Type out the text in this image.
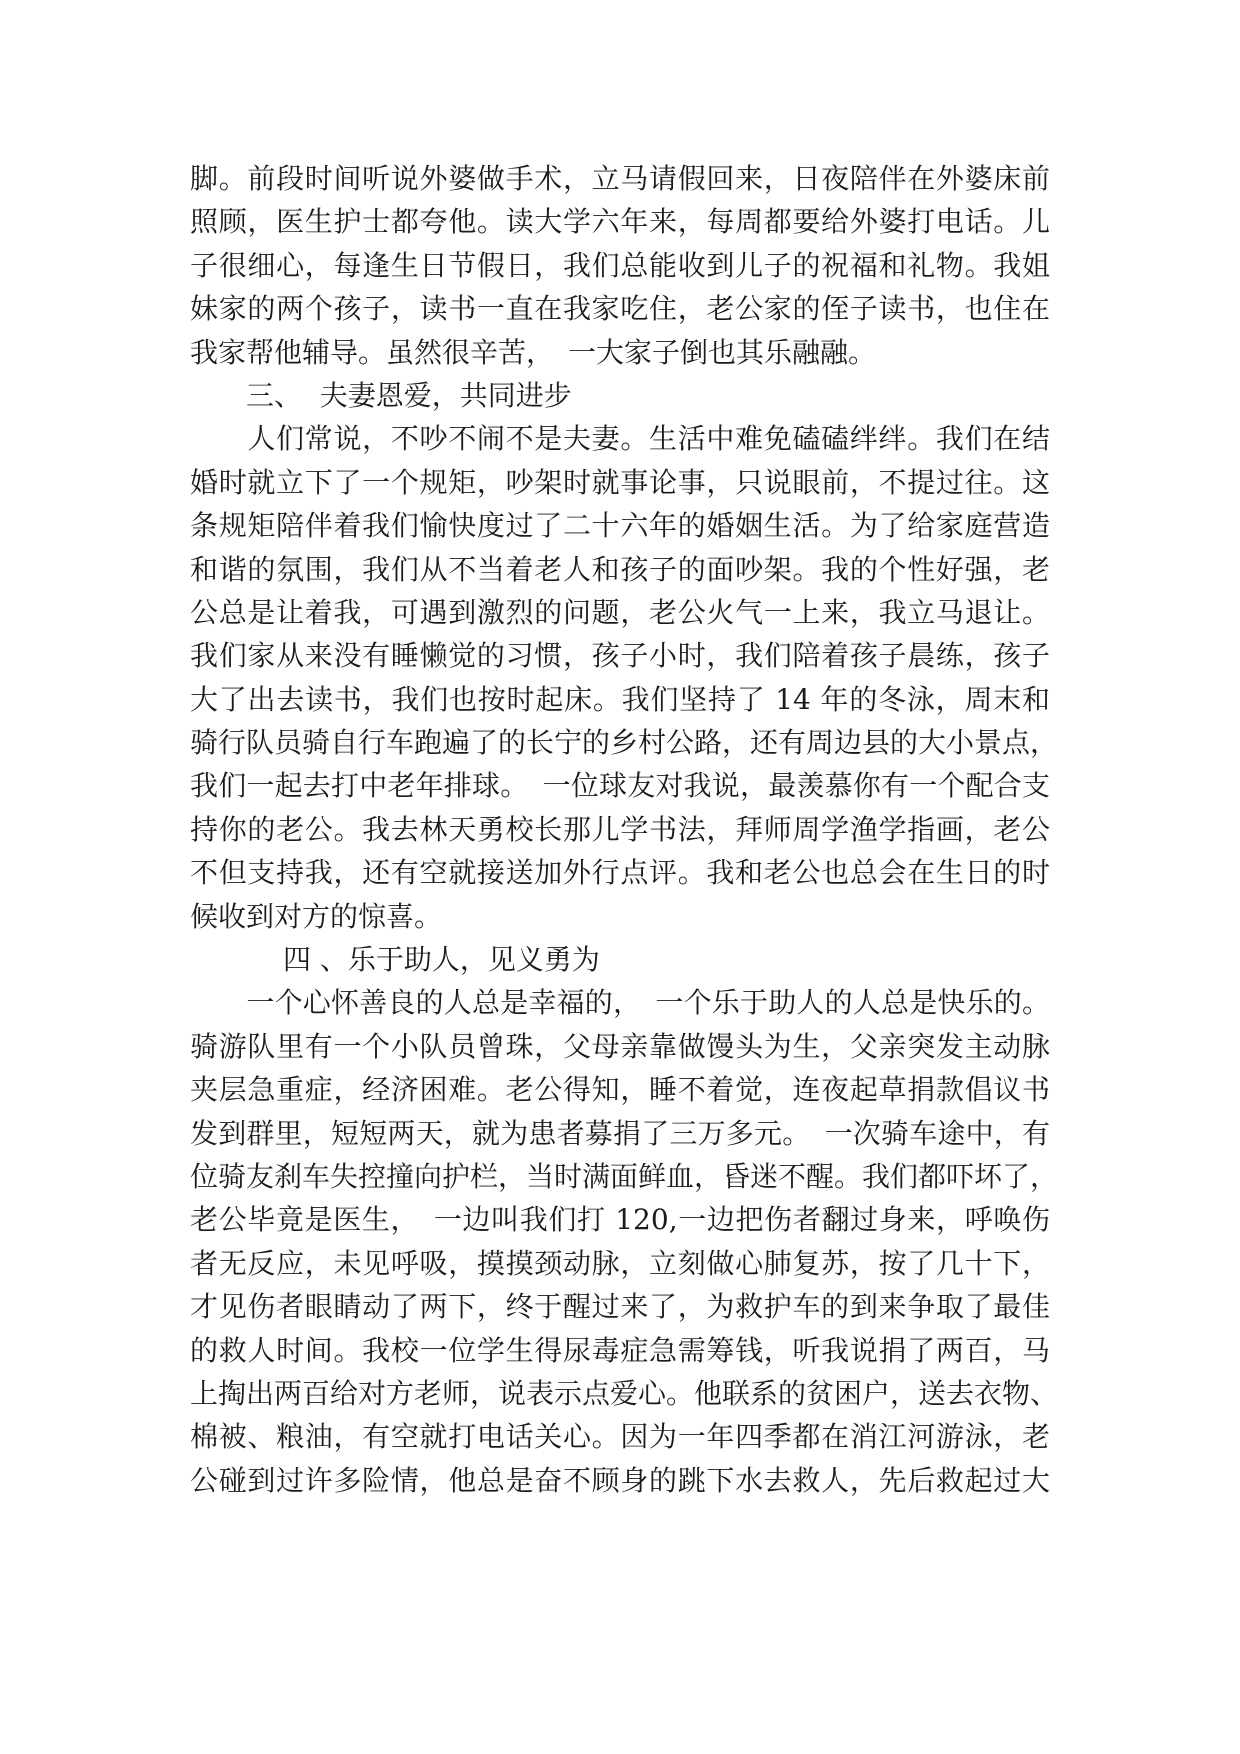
脚。前段时间听说外婆做手术，立马请假回来，日夜陪伴在外婆床前

照顾，医生护士都夸他。读大学六年来，每周都要给外婆打电话。儿

子很细心，每逢生日节假日，我们总能收到儿子的祝福和礼物。我姐

妹家的两个孩子，读书一直在我家吃住，老公家的侄子读书，也住在

我家帮他辅导。虽然很辛苦，　一大家子倒也其乐融融。

三、  夫妻恩爱，共同进步

　　人们常说，不吵不闹不是夫妻。生活中难免磕磕绊绊。我们在结

婚时就立下了一个规矩，吵架时就事论事，只说眼前，不提过往。这

条规矩陪伴着我们愉快度过了二十六年的婚姻生活。为了给家庭营造

和谐的氛围，我们从不当着老人和孩子的面吵架。我的个性好强，老

公总是让着我，可遇到激烈的问题，老公火气一上来，我立马退让。

我们家从来没有睡懒觉的习惯，孩子小时，我们陪着孩子晨练，孩子

大了出去读书，我们也按时起床。我们坚持了 14 年的冬泳，周末和

骑行队员骑自行车跑遍了的长宁的乡村公路，还有周边县的大小景点，

我们一起去打中老年排球。　一位球友对我说，最羡慕你有一个配合支

持你的老公。我去林天勇校长那儿学书法，拜师周学渔学指画，老公

不但支持我，还有空就接送加外行点评。我和老公也总会在生日的时

候收到对方的惊喜。

四 、乐于助人，见义勇为

　　一个心怀善良的人总是幸福的，　一个乐于助人的人总是快乐的。

骑游队里有一个小队员曾珠，父母亲靠做馒头为生，父亲突发主动脉

夹层急重症，经济困难。老公得知，睡不着觉，连夜起草捐款倡议书

发到群里，短短两天，就为患者募捐了三万多元。　一次骑车途中，有

位骑友刹车失控撞向护栏，当时满面鲜血，昏迷不醒。我们都吓坏了，

老公毕竟是医生，　一边叫我们打 120,一边把伤者翻过身来，呼唤伤

者无反应，未见呼吸，摸摸颈动脉，立刻做心肺复苏，按了几十下，

才见伤者眼睛动了两下，终于醒过来了，为救护车的到来争取了最佳

的救人时间。我校一位学生得尿毒症急需筹钱，听我说捐了两百，马

上掏出两百给对方老师，说表示点爱心。他联系的贫困户，送去衣物、

棉被、粮油，有空就打电话关心。因为一年四季都在消江河游泳，老

公碰到过许多险情，他总是奋不顾身的跳下水去救人，先后救起过大
